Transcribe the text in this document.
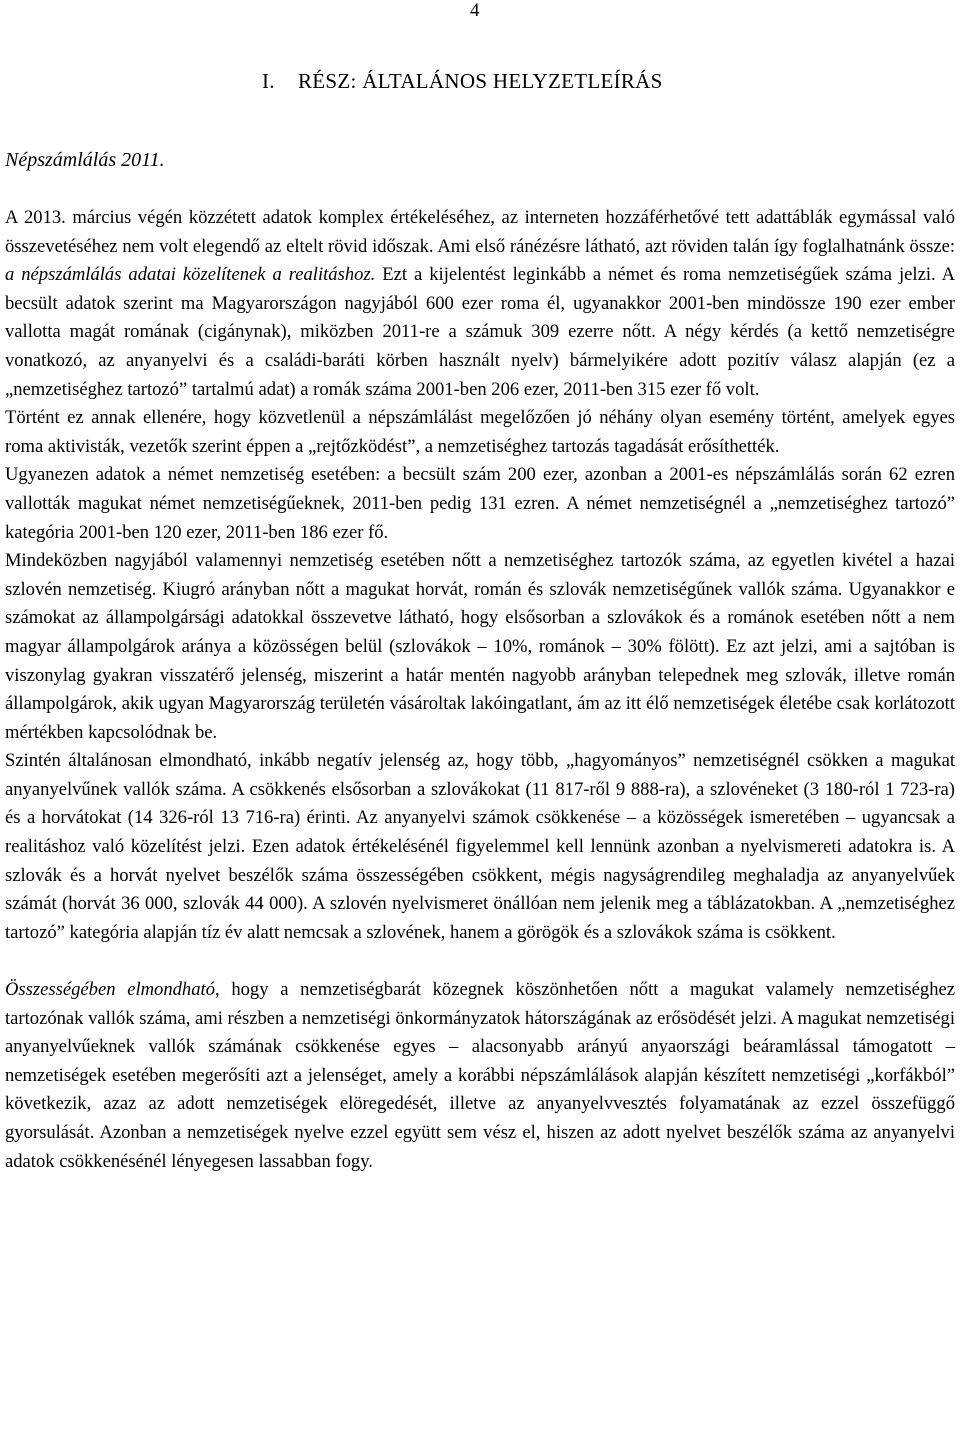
4
I. RÉSZ: ÁLTALÁNOS HELYZETLEÍRÁS
Népszámlálás 2011.

A 2013. március végén közzétett adatok komplex értékeléséhez, az interneten hozzáférhetővé tett adattáblák egymással való összevetéséhez nem volt elegendő az eltelt rövid időszak. Ami első ránézésre látható, azt röviden talán így foglalhatnánk össze: a népszámlálás adatai közelítenek a realitáshoz. Ezt a kijelentést leginkább a német és roma nemzetiségűek száma jelzi. A becsült adatok szerint ma Magyarországon nagyjából 600 ezer roma él, ugyanakkor 2001-ben mindössze 190 ezer ember vallotta magát romának (cigánynak), miközben 2011-re a számuk 309 ezerre nőtt. A négy kérdés (a kettő nemzetiségre vonatkozó, az anyanyelvi és a családi-baráti körben használt nyelv) bármelyikére adott pozitív válasz alapján (ez a „nemzetiséghez tartozó” tartalmú adat) a romák száma 2001-ben 206 ezer, 2011-ben 315 ezer fő volt.

Történt ez annak ellenére, hogy közvetlenül a népszámlálást megelőzően jó néhány olyan esemény történt, amelyek egyes roma aktivisták, vezetők szerint éppen a „rejtőzködést”, a nemzetiséghez tartozás tagadását erősíthették.

Ugyanezen adatok a német nemzetiség esetében: a becsült szám 200 ezer, azonban a 2001-es népszámlálás során 62 ezren vallották magukat német nemzetiségűeknek, 2011-ben pedig 131 ezren. A német nemzetiségnél a „nemzetiséghez tartozó” kategória 2001-ben 120 ezer, 2011-ben 186 ezer fő.

Mindeközben nagyjából valamennyi nemzetiség esetében nőtt a nemzetiséghez tartozók száma, az egyetlen kivétel a hazai szlovén nemzetiség. Kiugró arányban nőtt a magukat horvát, román és szlovák nemzetiségűnek vallók száma. Ugyanakkor e számokat az állampolgársági adatokkal összevetve látható, hogy elsősorban a szlovákok és a románok esetében nőtt a nem magyar állampolgárok aránya a közösségen belül (szlovákok – 10%, románok – 30% fölött). Ez azt jelzi, ami a sajtóban is viszonylag gyakran visszatérő jelenség, miszerint a határ mentén nagyobb arányban telepednek meg szlovák, illetve román állampolgárok, akik ugyan Magyarország területén vásároltak lakóingatlant, ám az itt élő nemzetiségek életébe csak korlátozott mértékben kapcsolódnak be.

Szintén általánosan elmondható, inkább negatív jelenség az, hogy több, „hagyományos” nemzetiségnél csökken a magukat anyanyelvűnek vallók száma. A csökkenés elsősorban a szlovákokat (11 817-ről 9 888-ra), a szlovéneket (3 180-ról 1 723-ra) és a horvátokat (14 326-ról 13 716-ra) érinti. Az anyanyelvi számok csökkenése – a közösségek ismeretében – ugyancsak a realitáshoz való közelítést jelzi. Ezen adatok értékelésénél figyelemmel kell lennünk azonban a nyelvismereti adatokra is. A szlovák és a horvát nyelvet beszélők száma összességében csökkent, mégis nagyságrendileg meghaladja az anyanyelvűek számát (horvát 36 000, szlovák 44 000). A szlovén nyelvismeret önállóan nem jelenik meg a táblázatokban. A „nemzetiséghez tartozó” kategória alapján tíz év alatt nemcsak a szlovének, hanem a görögök és a szlovákok száma is csökkent.

Összességében elmondható, hogy a nemzetiségbarát közegnek köszönhetően nőtt a magukat valamely nemzetiséghez tartozónak vallók száma, ami részben a nemzetiségi önkormányzatok hátországának az erősödését jelzi. A magukat nemzetiségi anyanyelvűeknek vallók számának csökkenése egyes – alacsonyabb arányú anyaországi beáramlással támogatott – nemzetiségek esetében megerősíti azt a jelenséget, amely a korábbi népszámlálások alapján készített nemzetiségi „korfákból” következik, azaz az adott nemzetiségek elöregedését, illetve az anyanyelvvesztés folyamatának az ezzel összefüggő gyorsulását. Azonban a nemzetiségek nyelve ezzel együtt sem vész el, hiszen az adott nyelvet beszélők száma az anyanyelvi adatok csökkenésénél lényegesen lassabban fogy.
